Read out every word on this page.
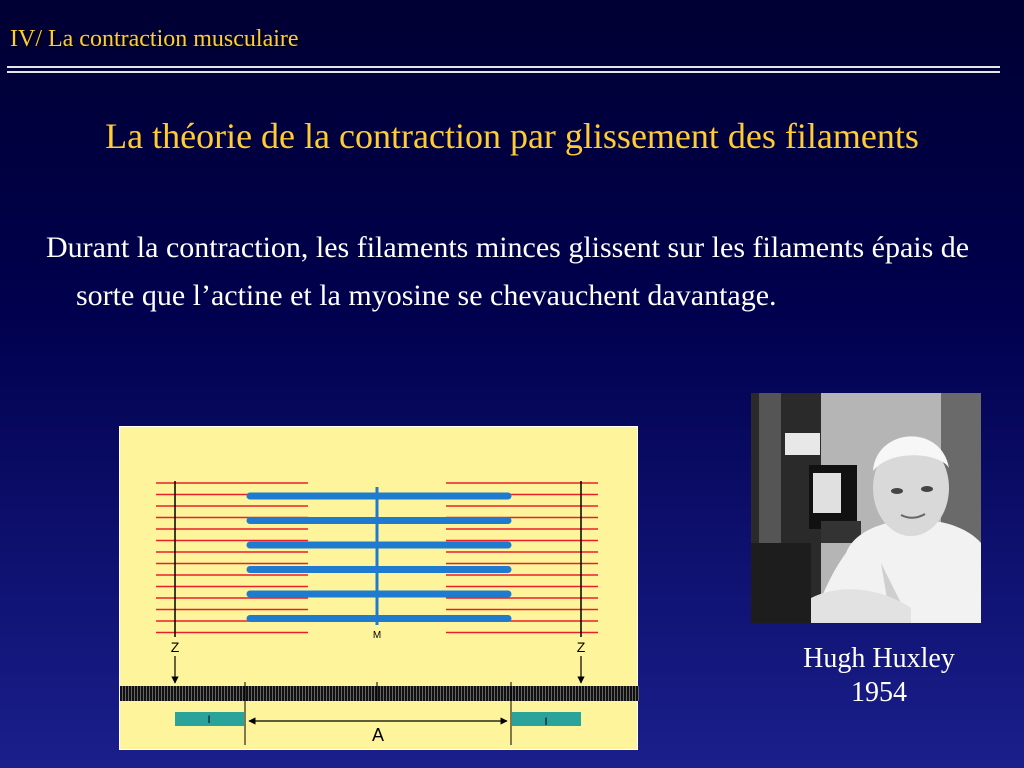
IV/ La contraction musculaire
La théorie de la contraction par glissement des filaments
Durant la contraction, les filaments minces glissent sur les filaments épais de sorte que l’actine et la myosine se chevauchent davantage.
M
Z	Z
I	I
A
Hugh Huxley
1954
